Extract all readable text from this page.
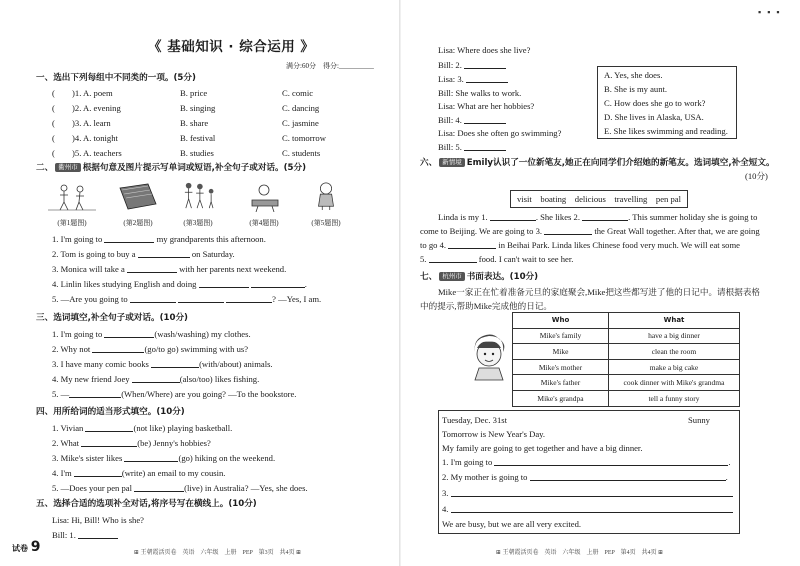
《 基础知识 · 综合运用 》
满分:60分　得分:__________
一、选出下列每组中不同类的一项。(5分)
(　　)1. A. poem	B. price	C. comic
(　　)2. A. evening	B. singing	C. dancing
(　　)3. A. learn	B. share	C. jasmine
(　　)4. A. tonight	B. festival	C. tomorrow
(　　)5. A. teachers	B. studies	C. students
二、 衢州市 根据句意及图片提示写单词或短语,补全句子或对话。(5分)
(第1题图)	(第2题图)	(第3题图)	(第4题图)	(第5题图)
1. I'm going to	my grandparents this afternoon.
2. Tom is going to buy a	on Saturday.
3. Monica will take a	with her parents next weekend.
4. Linlin likes studying English and doing	.
5. —Are you going to	? —Yes, I am.
三、选词填空,补全句子或对话。(10分)
1. I'm going to	(wash/washing) my clothes.
2. Why not	(go/to go) swimming with us?
3. I have many comic books	(with/about) animals.
4. My new friend Joey	(also/too) likes fishing.
5. —	(When/Where) are you going? —To the bookstore.
四、用所给词的适当形式填空。(10分)
1. Vivian	(not like) playing basketball.
2. What	(be) Jenny's hobbies?
3. Mike's sister likes	(go) hiking on the weekend.
4. I'm	(write) an email to my cousin.
5. —Does your pen pal	(live) in Australia? —Yes, she does.
五、选择合适的选项补全对话,将序号写在横线上。(10分)
Lisa: Hi, Bill! Who is she?
Bill: 1.
试卷 9	⊞ 王朝霞活页卷　英语　六年级　上册　PEP　第3页　共4页 ⊞
▪▪▪
Lisa: Where does she live?
Bill: 2.
Lisa: 3.
Bill: She walks to work.
Lisa: What are her hobbies?
Bill: 4.
Lisa: Does she often go swimming?
Bill: 5.
A. Yes, she does.
B. She is my aunt.
C. How does she go to work?
D. She lives in Alaska, USA.
E. She likes swimming and reading.
六、 新情境 Emily认识了一位新笔友,她正在向同学们介绍她的新笔友。选词填空,补全短文。
(10分)
visit　boating　delicious　travelling　pen pal
Linda is my 1.	. She likes 2.	. This summer holiday she is going to
come to Beijing. We are going to 3.	the Great Wall together. After that, we are going
to go 4.	in Beihai Park. Linda likes Chinese food very much. We will eat some
5.	food. I can't wait to see her.
七、 杭州市 书面表达。(10分)
Mike一家正在忙着准备元旦的家庭聚会,Mike把这些都写进了他的日记中。请根据表格
中的提示,帮助Mike完成他的日记。
Who	What
Mike's family	have a big dinner
Mike	clean the room
Mike's mother	make a big cake
Mike's father	cook dinner with Mike's grandma
Mike's grandpa	tell a funny story
Tuesday, Dec. 31st	Sunny
Tomorrow is New Year's Day.
My family are going to get together and have a big dinner.
1. I'm going to	.
2. My mother is going to	.
3.
4.
We are busy, but we are all very excited.
⊞ 王朝霞活页卷　英语　六年级　上册　PEP　第4页　共4页 ⊞
